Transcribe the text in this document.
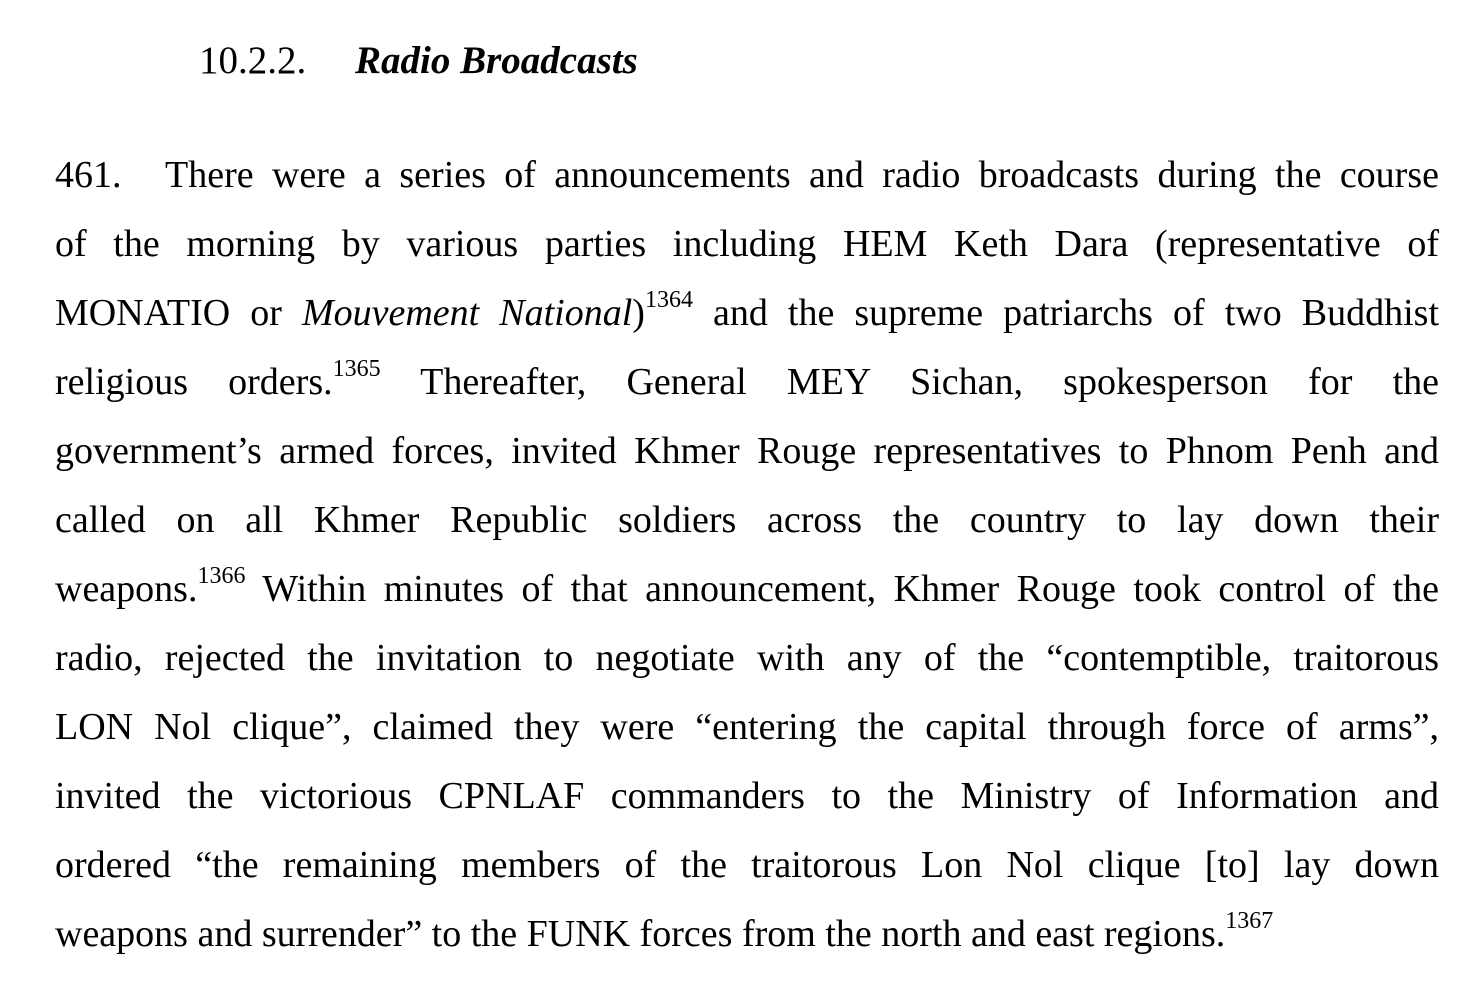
10.2.2. Radio Broadcasts
461. There were a series of announcements and radio broadcasts during the course
of the morning by various parties including HEM Keth Dara (representative of
MONATIO or Mouvement National)$^{1364}$ and the supreme patriarchs of two Buddhist
religious orders.$^{1365}$ Thereafter, General MEY Sichan, spokesperson for the
government’s armed forces, invited Khmer Rouge representatives to Phnom Penh and
called on all Khmer Republic soldiers across the country to lay down their
weapons.$^{1366}$ Within minutes of that announcement, Khmer Rouge took control of the
radio, rejected the invitation to negotiate with any of the “contemptible, traitorous
LON Nol clique”, claimed they were “entering the capital through force of arms”,
invited the victorious CPNLAF commanders to the Ministry of Information and
ordered “the remaining members of the traitorous Lon Nol clique [to] lay down
weapons and surrender” to the FUNK forces from the north and east regions.$^{1367}$
